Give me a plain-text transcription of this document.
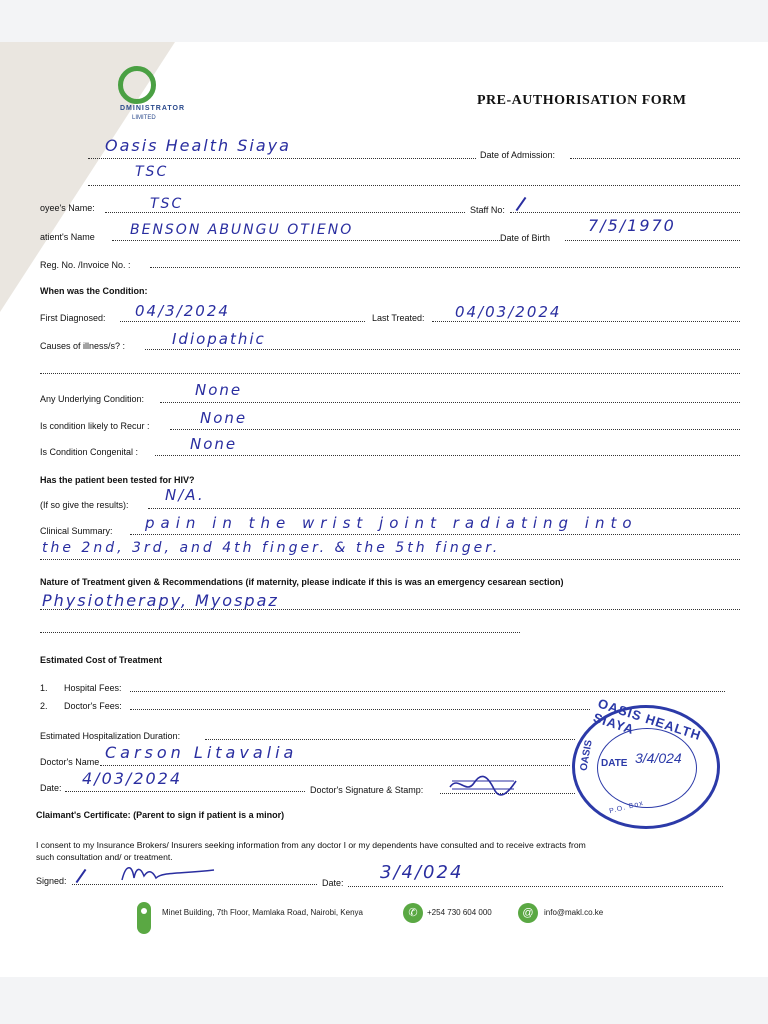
DMINISTRATOR
LIMITED
PRE-AUTHORISATION FORM
Oasis Health Siaya	Date of Admission:
TSC
oyee's Name:	TSC	Staff No:
atient's Name	BENSON ABUNGU OTIENO	Date of Birth
7/5/1970
Reg. No. /Invoice No. :
When was the Condition:
First Diagnosed: 04/3/2024	Last Treated: 04/03/2024
Causes of illness/s? :	Idiopathic
Any Underlying Condition:	None
Is condition likely to Recur :	None
Is Condition Congenital :	None
Has the patient been tested for HIV?
(If so give the results):
N/A.
Clinical Summary: pain in the wrist joint radiating into
the 2nd, 3rd, and 4th finger. & the 5th finger.
Nature of Treatment given & Recommendations (if maternity, please indicate if this is was an emergency cesarean section)
Physiotherapy, Myospaz
Estimated Cost of Treatment
1. Hospital Fees:
2. Doctor's Fees:
Estimated Hospitalization Duration:
Doctor's Name Carson Litavalia
Date: 4/03/2024
Doctor's Signature & Stamp:
OASIS HEALTH SIAYA
OASIS DATE 3/4/024
P.O. Box
Claimant's Certificate: (Parent to sign if patient is a minor)
I consent to my Insurance Brokers/ Insurers seeking information from any doctor I or my dependents have consulted and to receive extracts from
such consultation and/ or treatment.
Signed:	Date: 3/4/024
Minet Building, 7th Floor, Mamlaka Road, Nairobi, Kenya	✆	+254 730 604 000	@	info@makl.co.ke
